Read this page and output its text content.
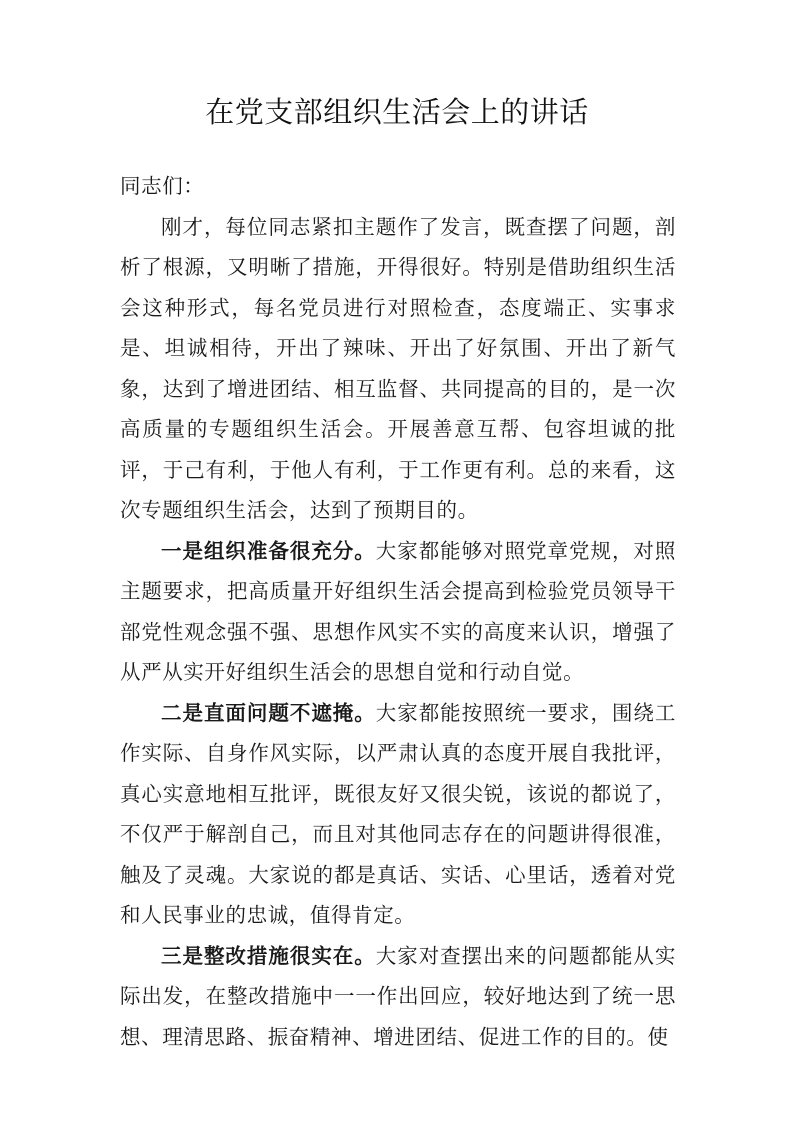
在党支部组织生活会上的讲话

同志们：

刚才，每位同志紧扣主题作了发言，既查摆了问题，剖析了根源，又明晰了措施，开得很好。特别是借助组织生活会这种形式，每名党员进行对照检查，态度端正、实事求是、坦诚相待，开出了辣味、开出了好氛围、开出了新气象，达到了增进团结、相互监督、共同提高的目的，是一次高质量的专题组织生活会。开展善意互帮、包容坦诚的批评，于己有利，于他人有利，于工作更有利。总的来看，这次专题组织生活会，达到了预期目的。

一是组织准备很充分。大家都能够对照党章党规，对照主题要求，把高质量开好组织生活会提高到检验党员领导干部党性观念强不强、思想作风实不实的高度来认识，增强了从严从实开好组织生活会的思想自觉和行动自觉。

二是直面问题不遮掩。大家都能按照统一要求，围绕工作实际、自身作风实际，以严肃认真的态度开展自我批评，真心实意地相互批评，既很友好又很尖锐，该说的都说了，不仅严于解剖自己，而且对其他同志存在的问题讲得很准，触及了灵魂。大家说的都是真话、实话、心里话，透着对党和人民事业的忠诚，值得肯定。

三是整改措施很实在。大家对查摆出来的问题都能从实际出发，在整改措施中一一作出回应，较好地达到了统一思想、理清思路、振奋精神、增进团结、促进工作的目的。使
